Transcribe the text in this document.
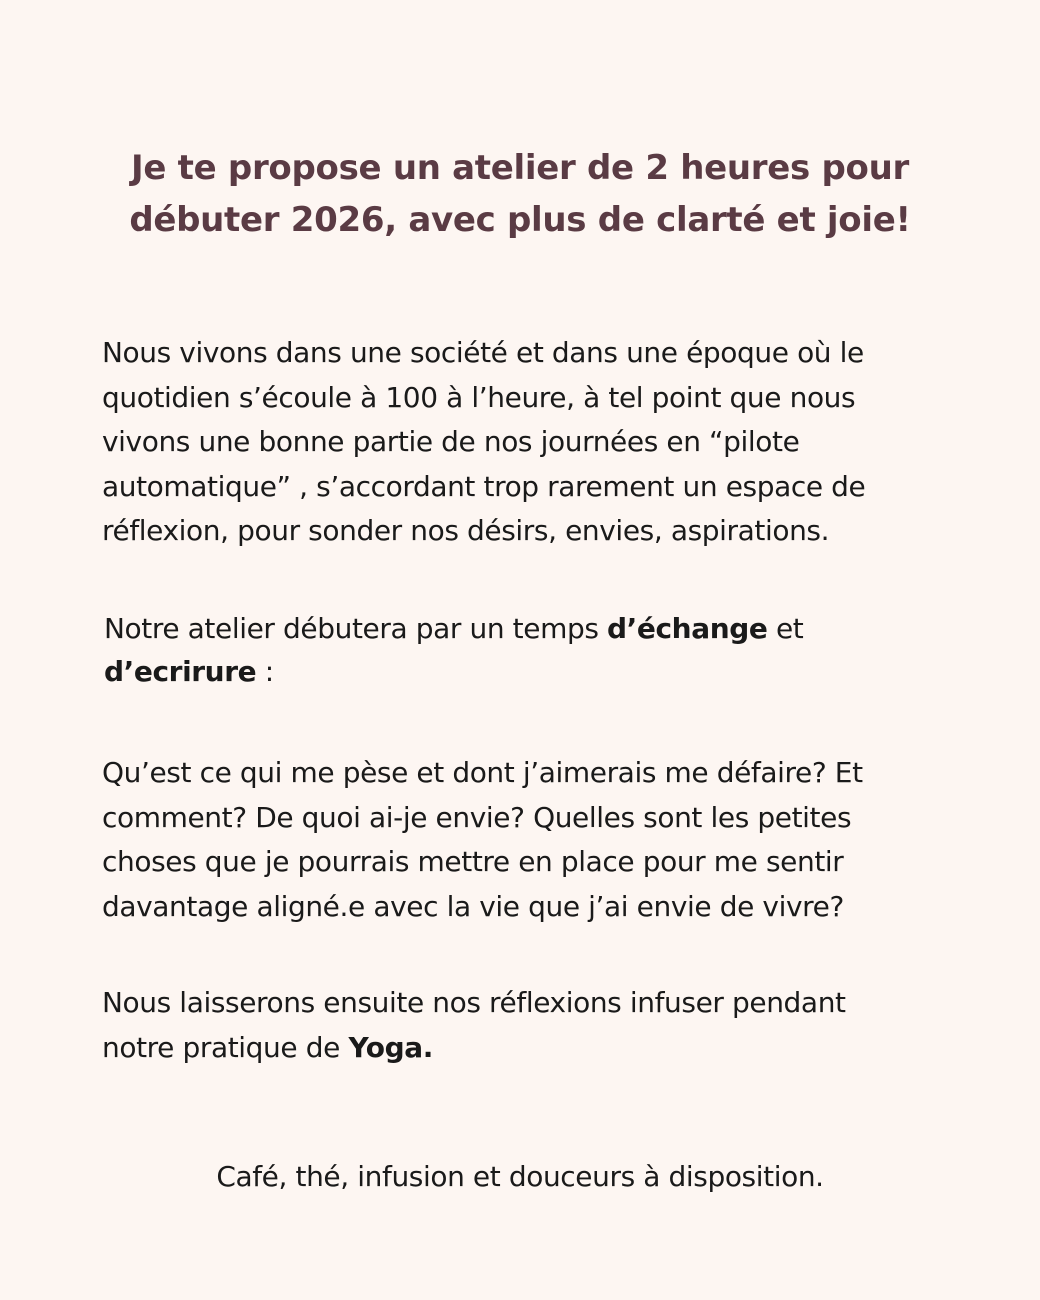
Je te propose un atelier de 2 heures pour
débuter 2026, avec plus de clarté et joie!

Nous vivons dans une société et dans une époque où le
quotidien s’écoule à 100 à l’heure, à tel point que nous
vivons une bonne partie de nos journées en “pilote
automatique” , s’accordant trop rarement un espace de
réflexion, pour sonder nos désirs, envies, aspirations.

Notre atelier débutera par un temps d’échange et
d’ecrirure :

Qu’est ce qui me pèse et dont j’aimerais me défaire? Et
comment? De quoi ai-je envie? Quelles sont les petites
choses que je pourrais mettre en place pour me sentir
davantage aligné.e avec la vie que j’ai envie de vivre?

Nous laisserons ensuite nos réflexions infuser pendant
notre pratique de Yoga.

Café, thé, infusion et douceurs à disposition.
